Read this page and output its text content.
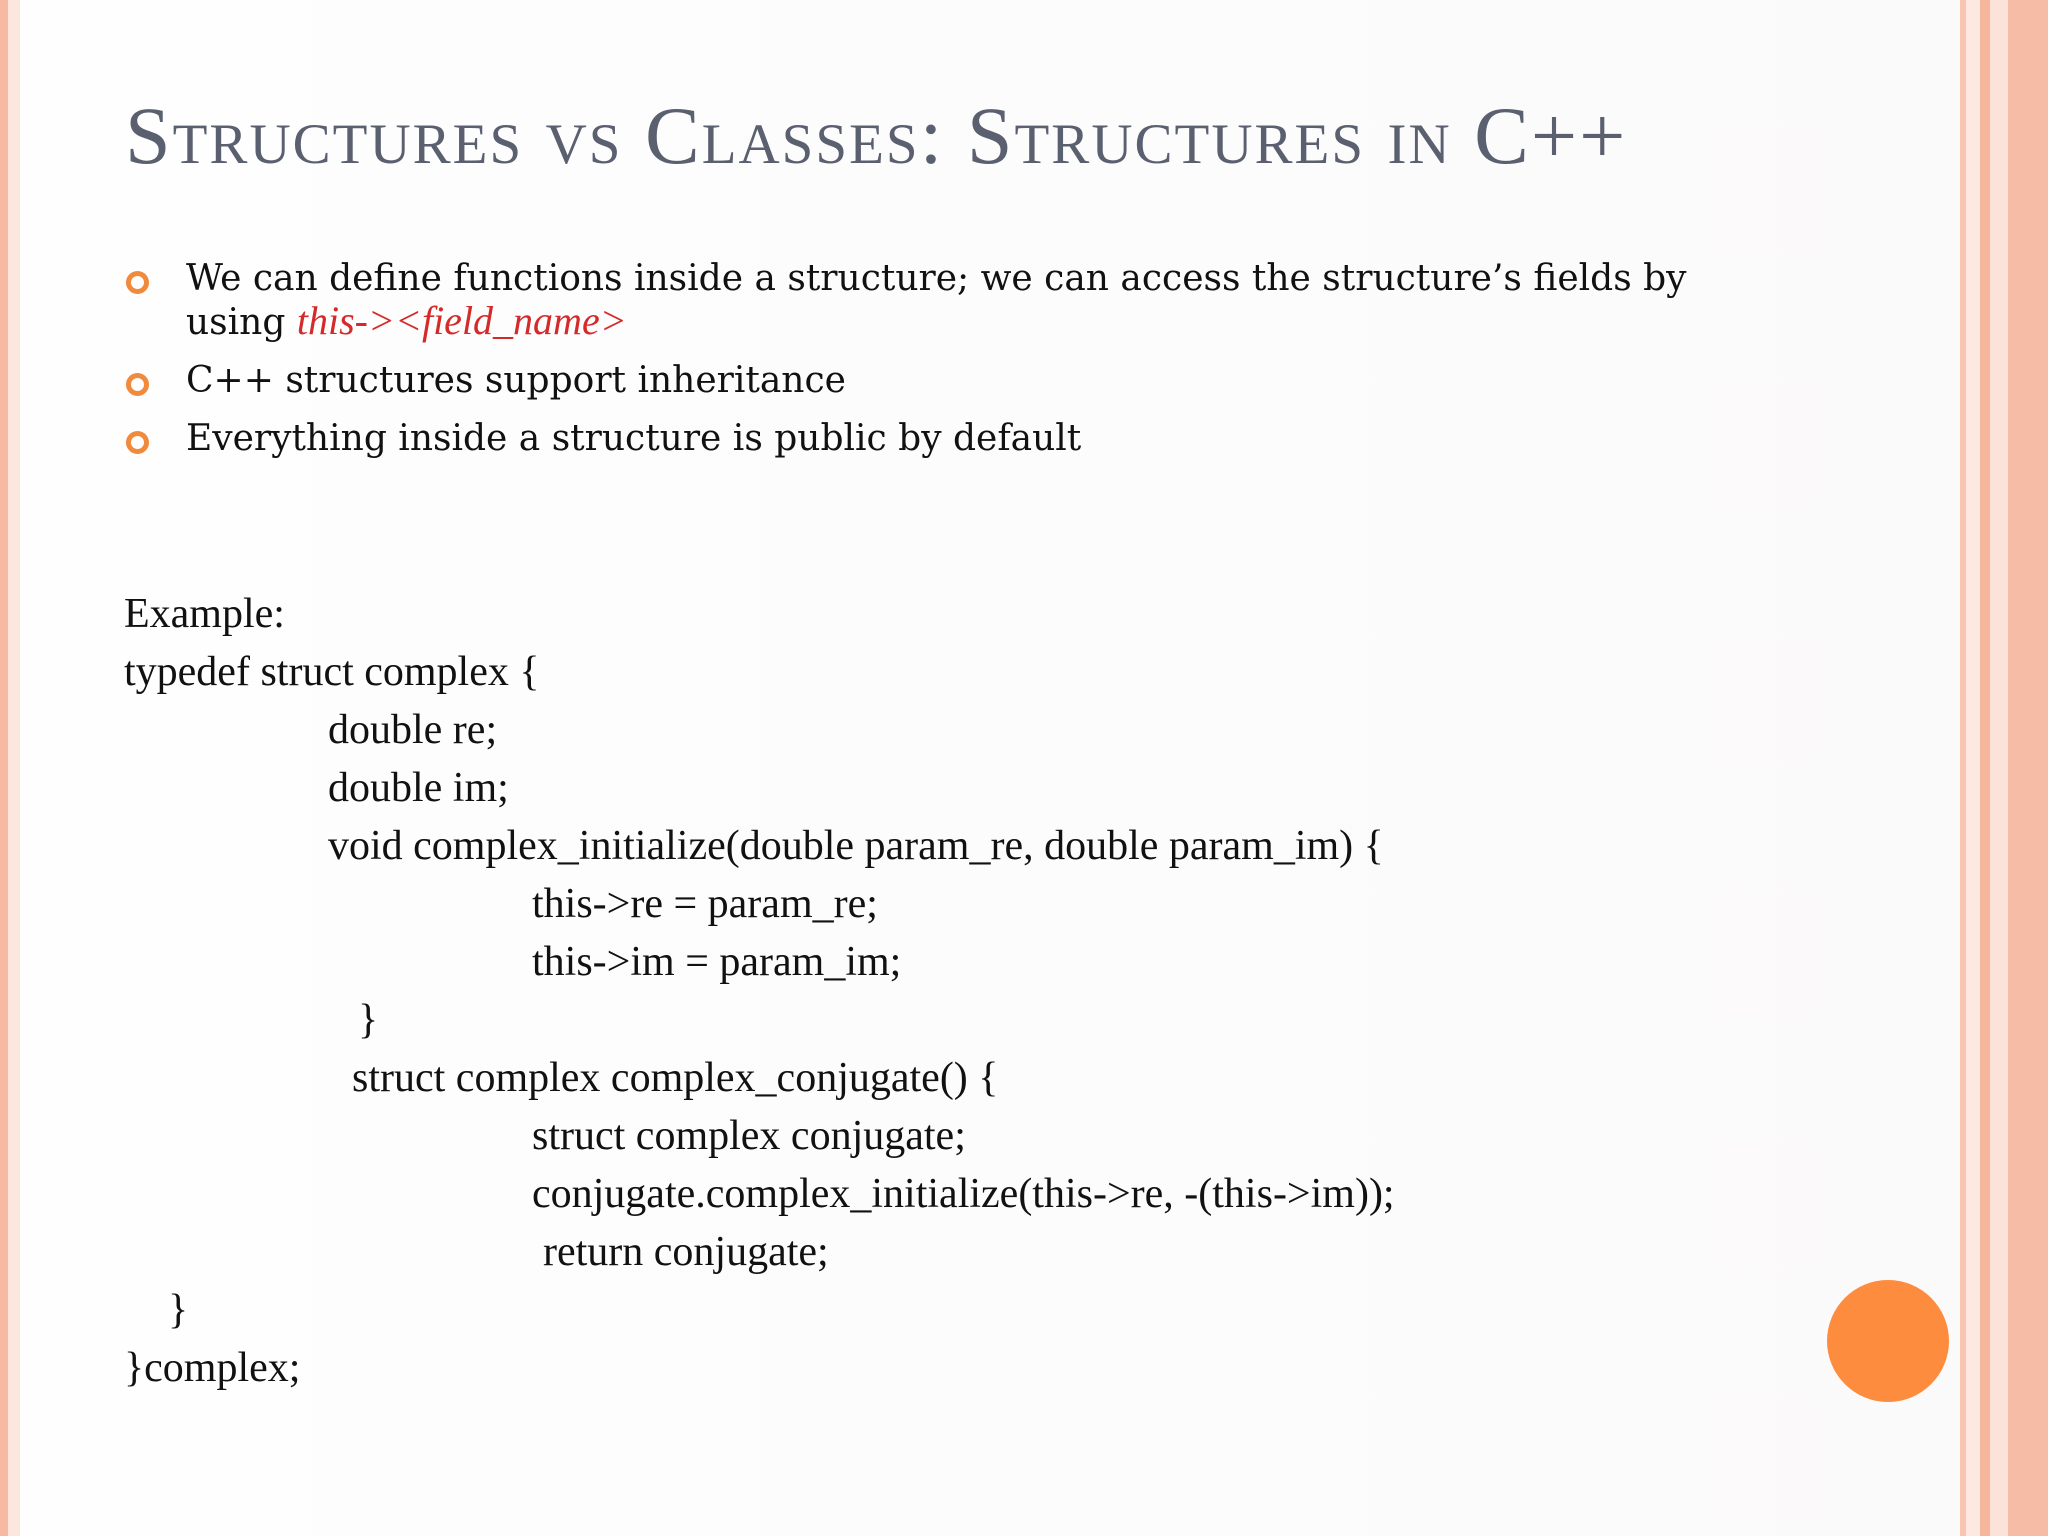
Structures vs Classes: Structures in C++
We can define functions inside a structure; we can access the structure’s fields by using this-><field_name>
C++ structures support inheritance
Everything inside a structure is public by default
Example:
typedef struct complex {
double re;
double im;
void complex_initialize(double param_re, double param_im) {
this->re = param_re;
this->im = param_im;
}
struct complex complex_conjugate() {
struct complex conjugate;
conjugate.complex_initialize(this->re, -(this->im));
return conjugate;
}
}complex;
